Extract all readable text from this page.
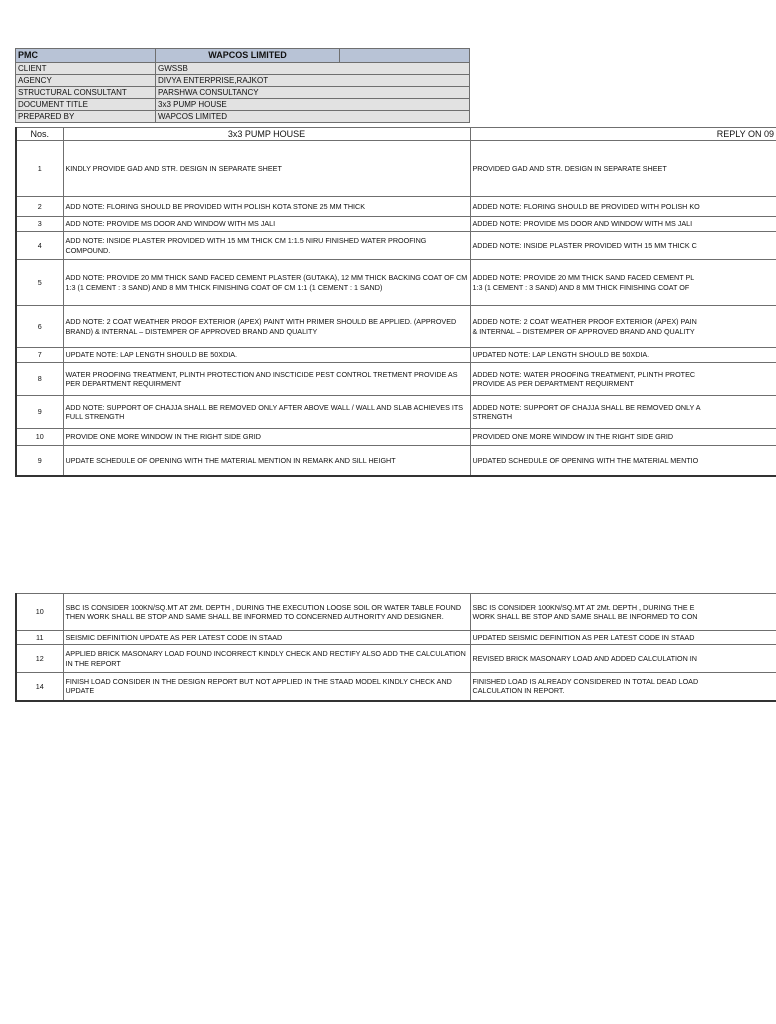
PMC	WAPCOS LIMITED	
CLIENT	GWSSB	
AGENCY	DIVYA ENTERPRISE,RAJKOT	
STRUCTURAL CONSULTANT	PARSHWA CONSULTANCY	
DOCUMENT TITLE	3x3 PUMP HOUSE	
PREPARED BY	WAPCOS LIMITED	
Nos.	3x3 PUMP HOUSE	REPLY ON 09
1	KINDLY PROVIDE GAD AND STR. DESIGN IN SEPARATE SHEET	PROVIDED GAD AND STR. DESIGN IN SEPARATE SHEET
2	ADD NOTE: FLORING SHOULD BE PROVIDED WITH POLISH KOTA STONE 25 MM THICK	ADDED NOTE: FLORING SHOULD BE PROVIDED WITH POLISH KO
3	ADD NOTE: PROVIDE MS DOOR AND WINDOW WITH MS JALI	ADDED NOTE: PROVIDE MS DOOR AND WINDOW WITH MS JALI
4	ADD NOTE: INSIDE PLASTER PROVIDED WITH 15 MM THICK CM 1:1.5 NIRU FINISHED WATER PROOFING COMPOUND.	ADDED NOTE: INSIDE PLASTER PROVIDED WITH 15 MM THICK C
5	ADD NOTE: PROVIDE 20 MM THICK SAND FACED CEMENT PLASTER (GUTAKA), 12 MM THICK BACKING COAT OF CM 1:3 (1 CEMENT : 3 SAND) AND 8 MM THICK FINISHING COAT OF CM 1:1 (1 CEMENT : 1 SAND)	ADDED NOTE: PROVIDE 20 MM THICK SAND FACED CEMENT PL
1:3 (1 CEMENT : 3 SAND) AND 8 MM THICK FINISHING COAT OF

6	ADD NOTE: 2 COAT WEATHER PROOF EXTERIOR (APEX) PAINT WITH PRIMER SHOULD BE APPLIED. (APPROVED BRAND) & INTERNAL – DISTEMPER OF APPROVED BRAND AND QUALITY	ADDED NOTE: 2 COAT WEATHER PROOF EXTERIOR (APEX) PAIN
& INTERNAL – DISTEMPER OF APPROVED BRAND AND QUALITY

7	UPDATE NOTE: LAP LENGTH SHOULD BE 50XDIA.	UPDATED NOTE: LAP LENGTH SHOULD BE 50XDIA.
8	WATER PROOFING TREATMENT, PLINTH PROTECTION AND INSCTICIDE PEST CONTROL TRETMENT PROVIDE AS PER DEPARTMENT REQUIRMENT	ADDED NOTE: WATER PROOFING TREATMENT, PLINTH PROTEC
PROVIDE AS PER DEPARTMENT REQUIRMENT

9	ADD NOTE: SUPPORT OF CHAJJA SHALL BE REMOVED ONLY AFTER ABOVE WALL / WALL AND SLAB ACHIEVES ITS FULL STRENGTH	ADDED NOTE: SUPPORT OF CHAJJA SHALL BE REMOVED ONLY A
STRENGTH

10	PROVIDE ONE MORE WINDOW IN THE RIGHT SIDE GRID	PROVIDED ONE MORE WINDOW IN THE RIGHT SIDE GRID
9	UPDATE SCHEDULE OF OPENING WITH THE MATERIAL MENTION IN REMARK AND SILL HEIGHT	UPDATED SCHEDULE OF OPENING WITH THE MATERIAL MENTIO
10	SBC IS CONSIDER 100KN/SQ.MT AT 2Mt. DEPTH , DURING THE EXECUTION LOOSE SOIL OR WATER TABLE FOUND THEN WORK SHALL BE STOP AND SAME SHALL BE INFORMED TO CONCERNED AUTHORITY AND DESIGNER.	SBC IS CONSIDER 100KN/SQ.MT AT 2Mt. DEPTH , DURING THE E
WORK SHALL BE STOP AND SAME SHALL BE INFORMED TO CON

11	SEISMIC DEFINITION UPDATE AS PER LATEST CODE IN STAAD	UPDATED SEISMIC DEFINITION AS PER LATEST CODE IN STAAD
12	APPLIED BRICK MASONARY LOAD FOUND INCORRECT KINDLY CHECK AND RECTIFY ALSO ADD THE CALCULATION IN THE REPORT	REVISED BRICK MASONARY LOAD AND ADDED CALCULATION IN
14	FINISH LOAD CONSIDER IN THE DESIGN REPORT BUT NOT APPLIED IN THE STAAD MODEL KINDLY CHECK AND UPDATE	FINISHED LOAD IS ALREADY CONSIDERED IN TOTAL DEAD LOAD
CALCULATION IN REPORT.
